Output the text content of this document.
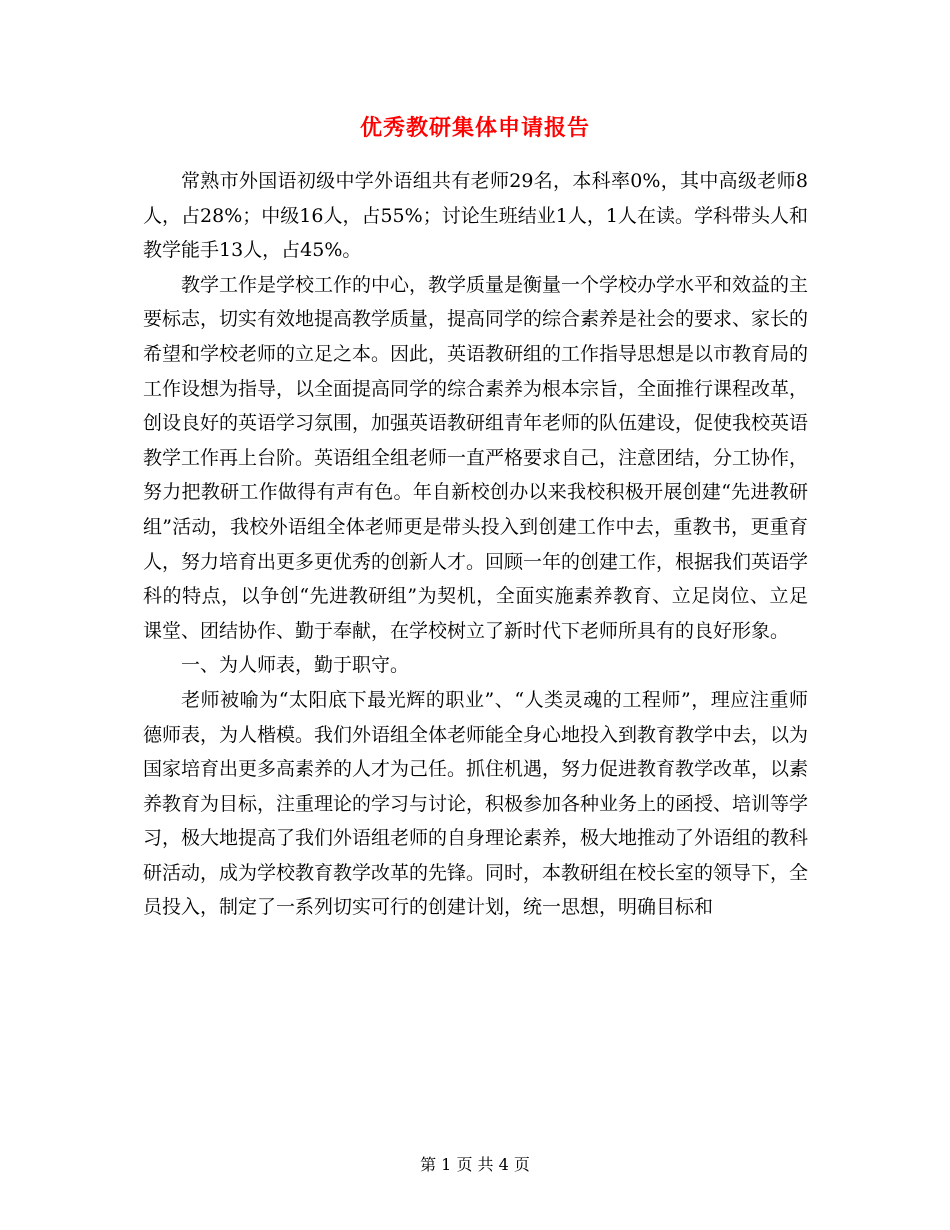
优秀教研集体申请报告

常熟市外国语初级中学外语组共有老师29名，本科率0%，其中高级老师8人，占28%；中级16人，占55%；讨论生班结业1人，1人在读。学科带头人和教学能手13人，占45%。

教学工作是学校工作的中心，教学质量是衡量一个学校办学水平和效益的主要标志，切实有效地提高教学质量，提高同学的综合素养是社会的要求、家长的希望和学校老师的立足之本。因此，英语教研组的工作指导思想是以市教育局的工作设想为指导，以全面提高同学的综合素养为根本宗旨，全面推行课程改革，创设良好的英语学习氛围，加强英语教研组青年老师的队伍建设，促使我校英语教学工作再上台阶。英语组全组老师一直严格要求自己，注意团结，分工协作，努力把教研工作做得有声有色。年自新校创办以来我校积极开展创建“先进教研组”活动，我校外语组全体老师更是带头投入到创建工作中去，重教书，更重育人，努力培育出更多更优秀的创新人才。回顾一年的创建工作，根据我们英语学科的特点，以争创“先进教研组”为契机，全面实施素养教育、立足岗位、立足课堂、团结协作、勤于奉献，在学校树立了新时代下老师所具有的良好形象。

一、为人师表，勤于职守。

老师被喻为“太阳底下最光辉的职业”、“人类灵魂的工程师”，理应注重师德师表，为人楷模。我们外语组全体老师能全身心地投入到教育教学中去，以为国家培育出更多高素养的人才为己任。抓住机遇，努力促进教育教学改革，以素养教育为目标，注重理论的学习与讨论，积极参加各种业务上的函授、培训等学习，极大地提高了我们外语组老师的自身理论素养，极大地推动了外语组的教科研活动，成为学校教育教学改革的先锋。同时，本教研组在校长室的领导下，全员投入，制定了一系列切实可行的创建计划，统一思想，明确目标和

第 1 页 共 4 页
